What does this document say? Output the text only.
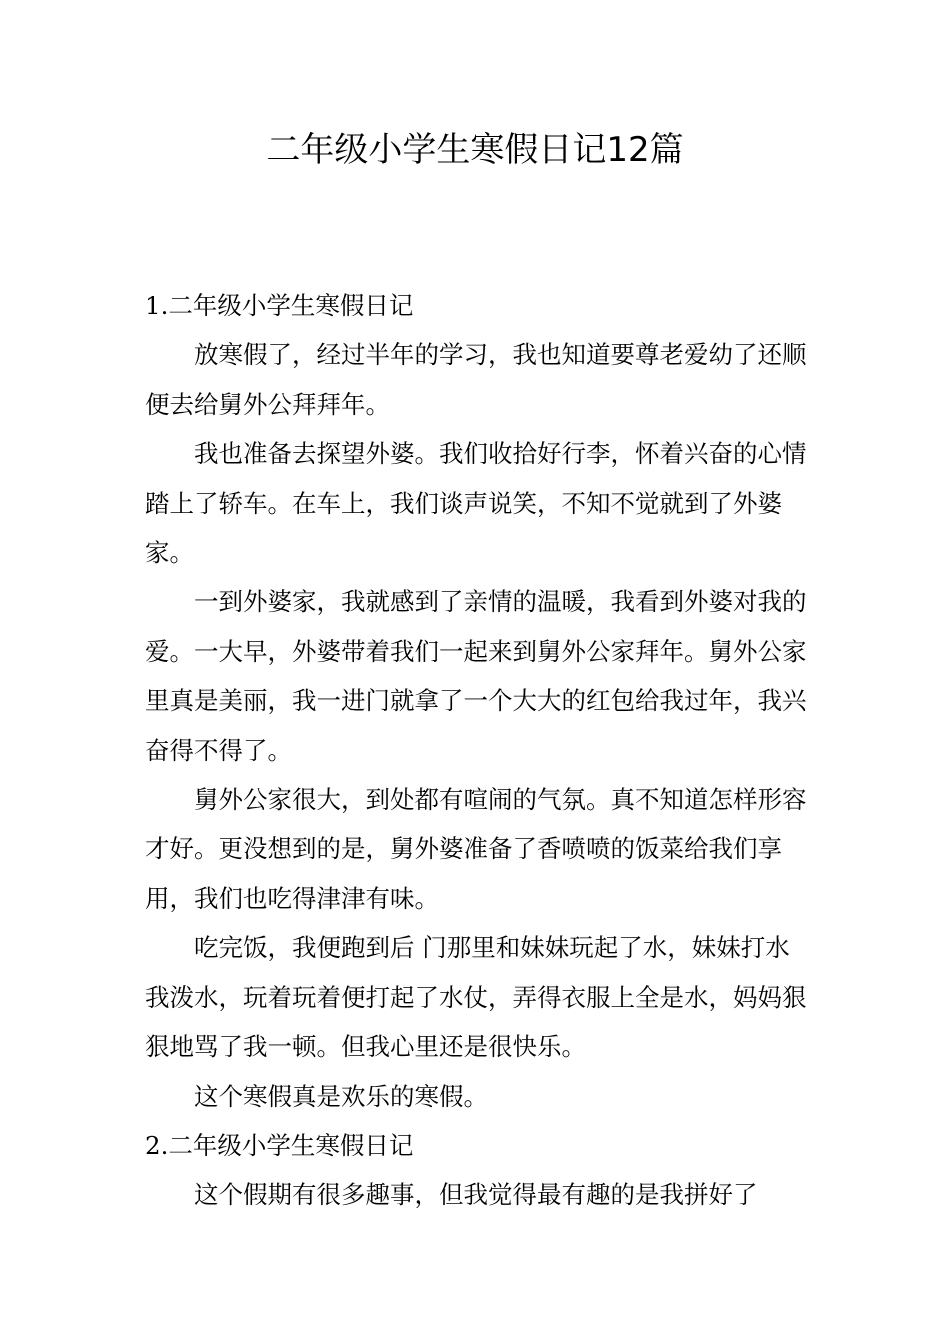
二年级小学生寒假日记12篇

1.二年级小学生寒假日记

放寒假了，经过半年的学习，我也知道要尊老爱幼了还顺便去给舅外公拜拜年。

我也准备去探望外婆。我们收拾好行李，怀着兴奋的心情踏上了轿车。在车上，我们谈声说笑，不知不觉就到了外婆家。

一到外婆家，我就感到了亲情的温暖，我看到外婆对我的爱。一大早，外婆带着我们一起来到舅外公家拜年。舅外公家里真是美丽，我一进门就拿了一个大大的红包给我过年，我兴奋得不得了。

舅外公家很大，到处都有喧闹的气氛。真不知道怎样形容才好。更没想到的是，舅外婆准备了香喷喷的饭菜给我们享用，我们也吃得津津有味。

吃完饭，我便跑到后 门那里和妹妹玩起了水，妹妹打水我泼水，玩着玩着便打起了水仗，弄得衣服上全是水，妈妈狠狠地骂了我一顿。但我心里还是很快乐。

这个寒假真是欢乐的寒假。

2.二年级小学生寒假日记

这个假期有很多趣事，但我觉得最有趣的是我拼好了
